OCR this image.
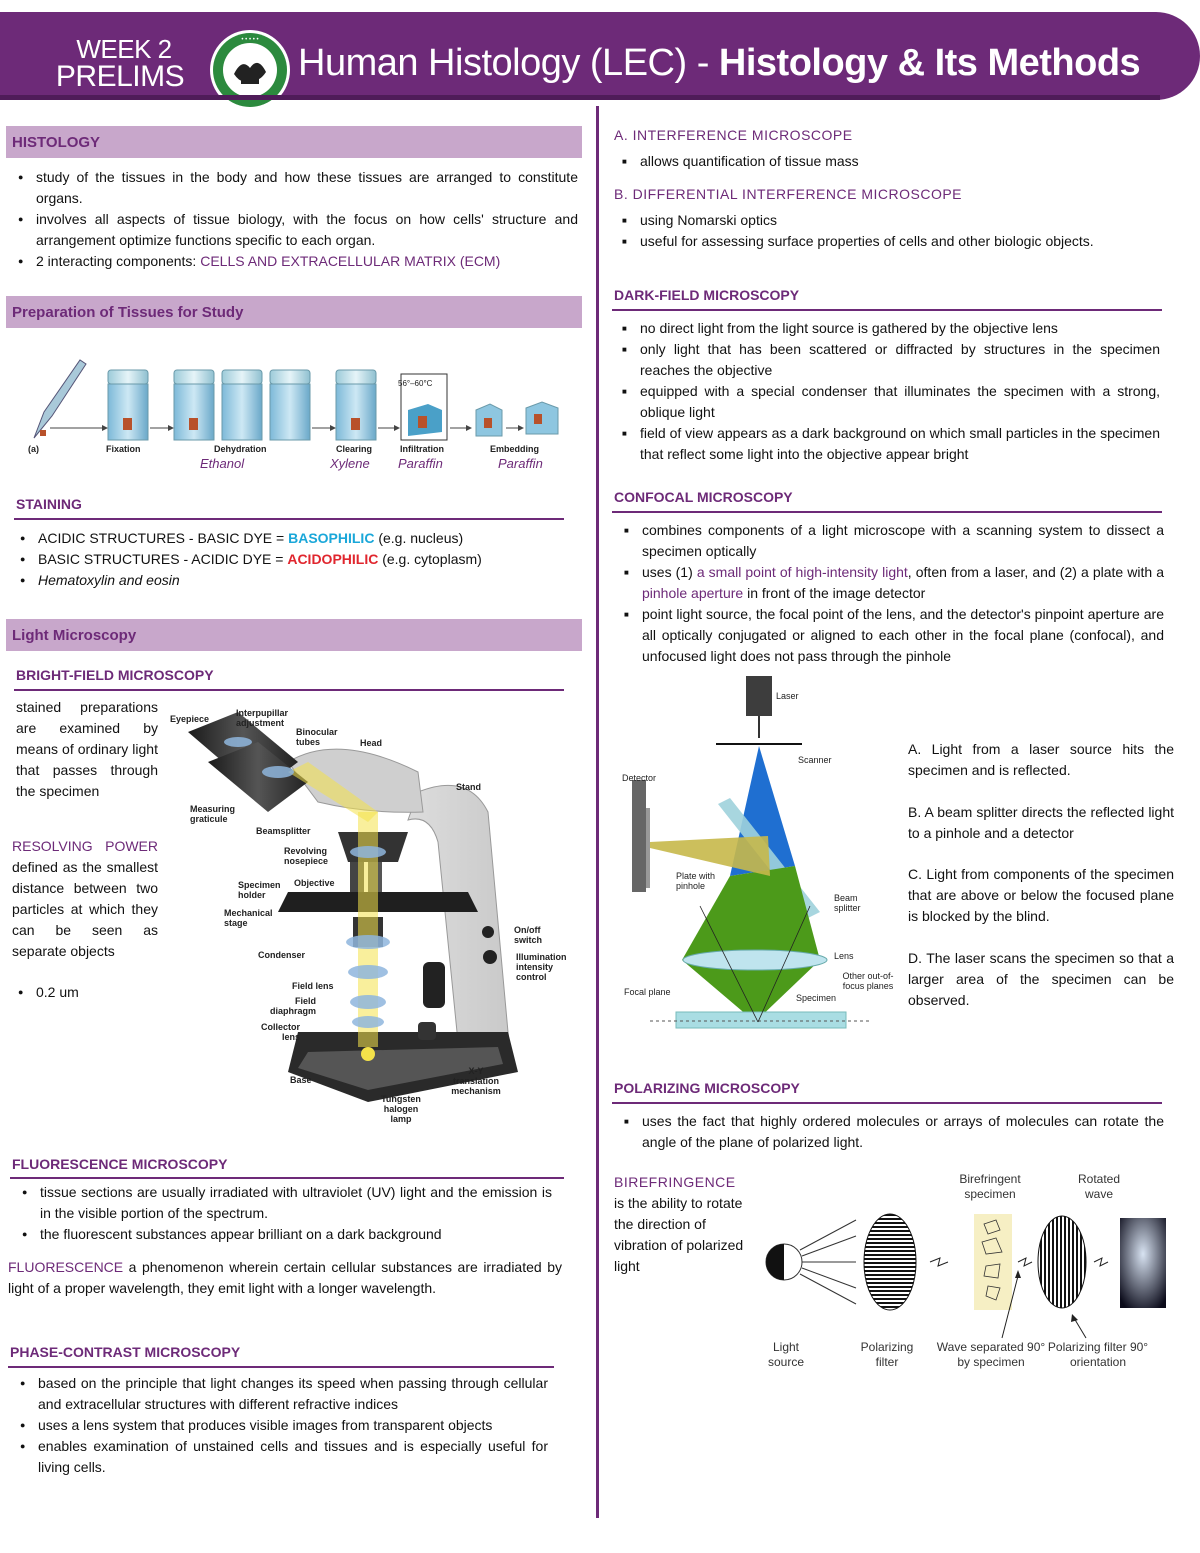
WEEK 2
PRELIMS
• • • • •
Human Histology (LEC) - Histology & Its Methods
HISTOLOGY
● study of the tissues in the body and how these tissues are arranged to constitute organs.
● involves all aspects of tissue biology, with the focus on how cells' structure and arrangement optimize functions specific to each organ.
● 2 interacting components: CELLS AND EXTRACELLULAR MATRIX (ECM)
Preparation of Tissues for Study
56°–60°C
(a)	Fixation	Dehydration	Clearing	Infiltration	Embedding
Ethanol	Xylene Paraffin	Paraffin
STAINING
● ACIDIC STRUCTURES - BASIC DYE = BASOPHILIC (e.g. nucleus)
● BASIC STRUCTURES - ACIDIC DYE = ACIDOPHILIC (e.g. cytoplasm)
● Hematoxylin and eosin
Light Microscopy
BRIGHT-FIELD MICROSCOPY
stained preparations are examined by means of ordinary light that passes through the specimen
RESOLVING POWER defined as the smallest distance between two particles at which they can be seen as separate objects
● 0.2 um
Eyepiece
Interpupillar adjustment
Binocular tubes	Head
Stand
Measuring graticule
Beamsplitter
Revolving nosepiece
Objective
Specimen holder
Mechanical stage
Condenser
On/off switch
Illumination intensity control
Field lens
Field diaphragm
Collector lens
Base
X-Y translation mechanism
Tungsten halogen lamp
FLUORESCENCE MICROSCOPY
● tissue sections are usually irradiated with ultraviolet (UV) light and the emission is in the visible portion of the spectrum.
● the fluorescent substances appear brilliant on a dark background
FLUORESCENCE a phenomenon wherein certain cellular substances are irradiated by light of a proper wavelength, they emit light with a longer wavelength.
PHASE-CONTRAST MICROSCOPY
● based on the principle that light changes its speed when passing through cellular and extracellular structures with different refractive indices
● uses a lens system that produces visible images from transparent objects
● enables examination of unstained cells and tissues and is especially useful for living cells.
A. INTERFERENCE MICROSCOPE
■ allows quantification of tissue mass
B. DIFFERENTIAL INTERFERENCE MICROSCOPE
■ using Nomarski optics
■ useful for assessing surface properties of cells and other biologic objects.
DARK-FIELD MICROSCOPY
■ no direct light from the light source is gathered by the objective lens
■ only light that has been scattered or diffracted by structures in the specimen reaches the objective
■ equipped with a special condenser that illuminates the specimen with a strong, oblique light
■ field of view appears as a dark background on which small particles in the specimen that reflect some light into the objective appear bright
CONFOCAL MICROSCOPY
■ combines components of a light microscope with a scanning system to dissect a specimen optically
■ uses (1) a small point of high-intensity light, often from a laser, and (2) a plate with a pinhole aperture in front of the image detector
■ point light source, the focal point of the lens, and the detector's pinpoint aperture are all optically conjugated or aligned to each other in the focal plane (confocal), and unfocused light does not pass through the pinhole
Laser
Scanner
Detector
Plate with pinhole
Beam splitter
Lens
Other out-of-focus planes
Specimen
Focal plane
A. Light from a laser source hits the specimen and is reflected.
B. A beam splitter directs the reflected light to a pinhole and a detector
C. Light from components of the specimen that are above or below the focused plane is blocked by the blind.
D. The laser scans the specimen so that a larger area of the specimen can be observed.
POLARIZING MICROSCOPY
■ uses the fact that highly ordered molecules or arrays of molecules can rotate the angle of the plane of polarized light.
BIREFRINGENCE
is the ability to rotate the direction of vibration of polarized light
Birefringent specimen
Rotated wave
Light source
Polarizing filter
Wave separated 90° by specimen
Polarizing filter 90° orientation
